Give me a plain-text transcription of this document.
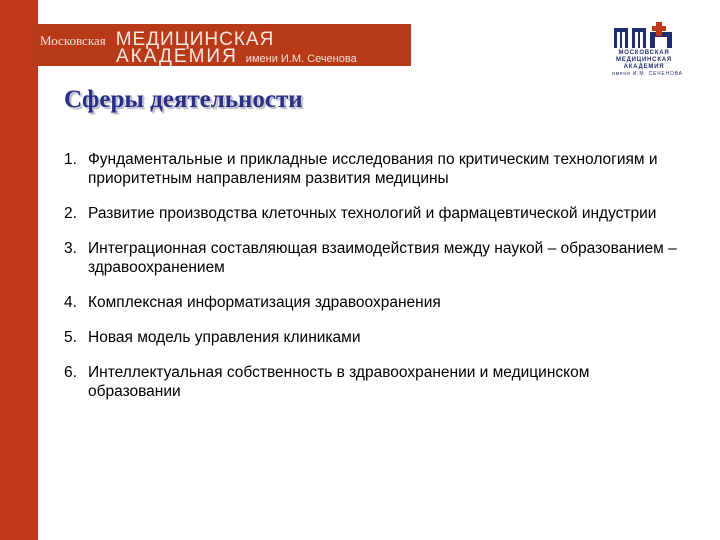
Московская МЕДИЦИНСКАЯ
АКАДЕМИЯ имени И.М. Сеченова	МОСКОВСКАЯ
МЕДИЦИНСКАЯ
АКАДЕМИЯ
имени И.М. СЕЧЕНОВА
Сферы деятельности
1. Фундаментальные и прикладные исследования по критическим технологиям и приоритетным направлениям развития медицины
2. Развитие производства клеточных технологий и фармацевтической индустрии
3. Интеграционная составляющая взаимодействия между наукой – образованием – здравоохранением
4. Комплексная информатизация здравоохранения
5. Новая модель управления клиниками
6. Интеллектуальная собственность в здравоохранении и медицинском образовании
